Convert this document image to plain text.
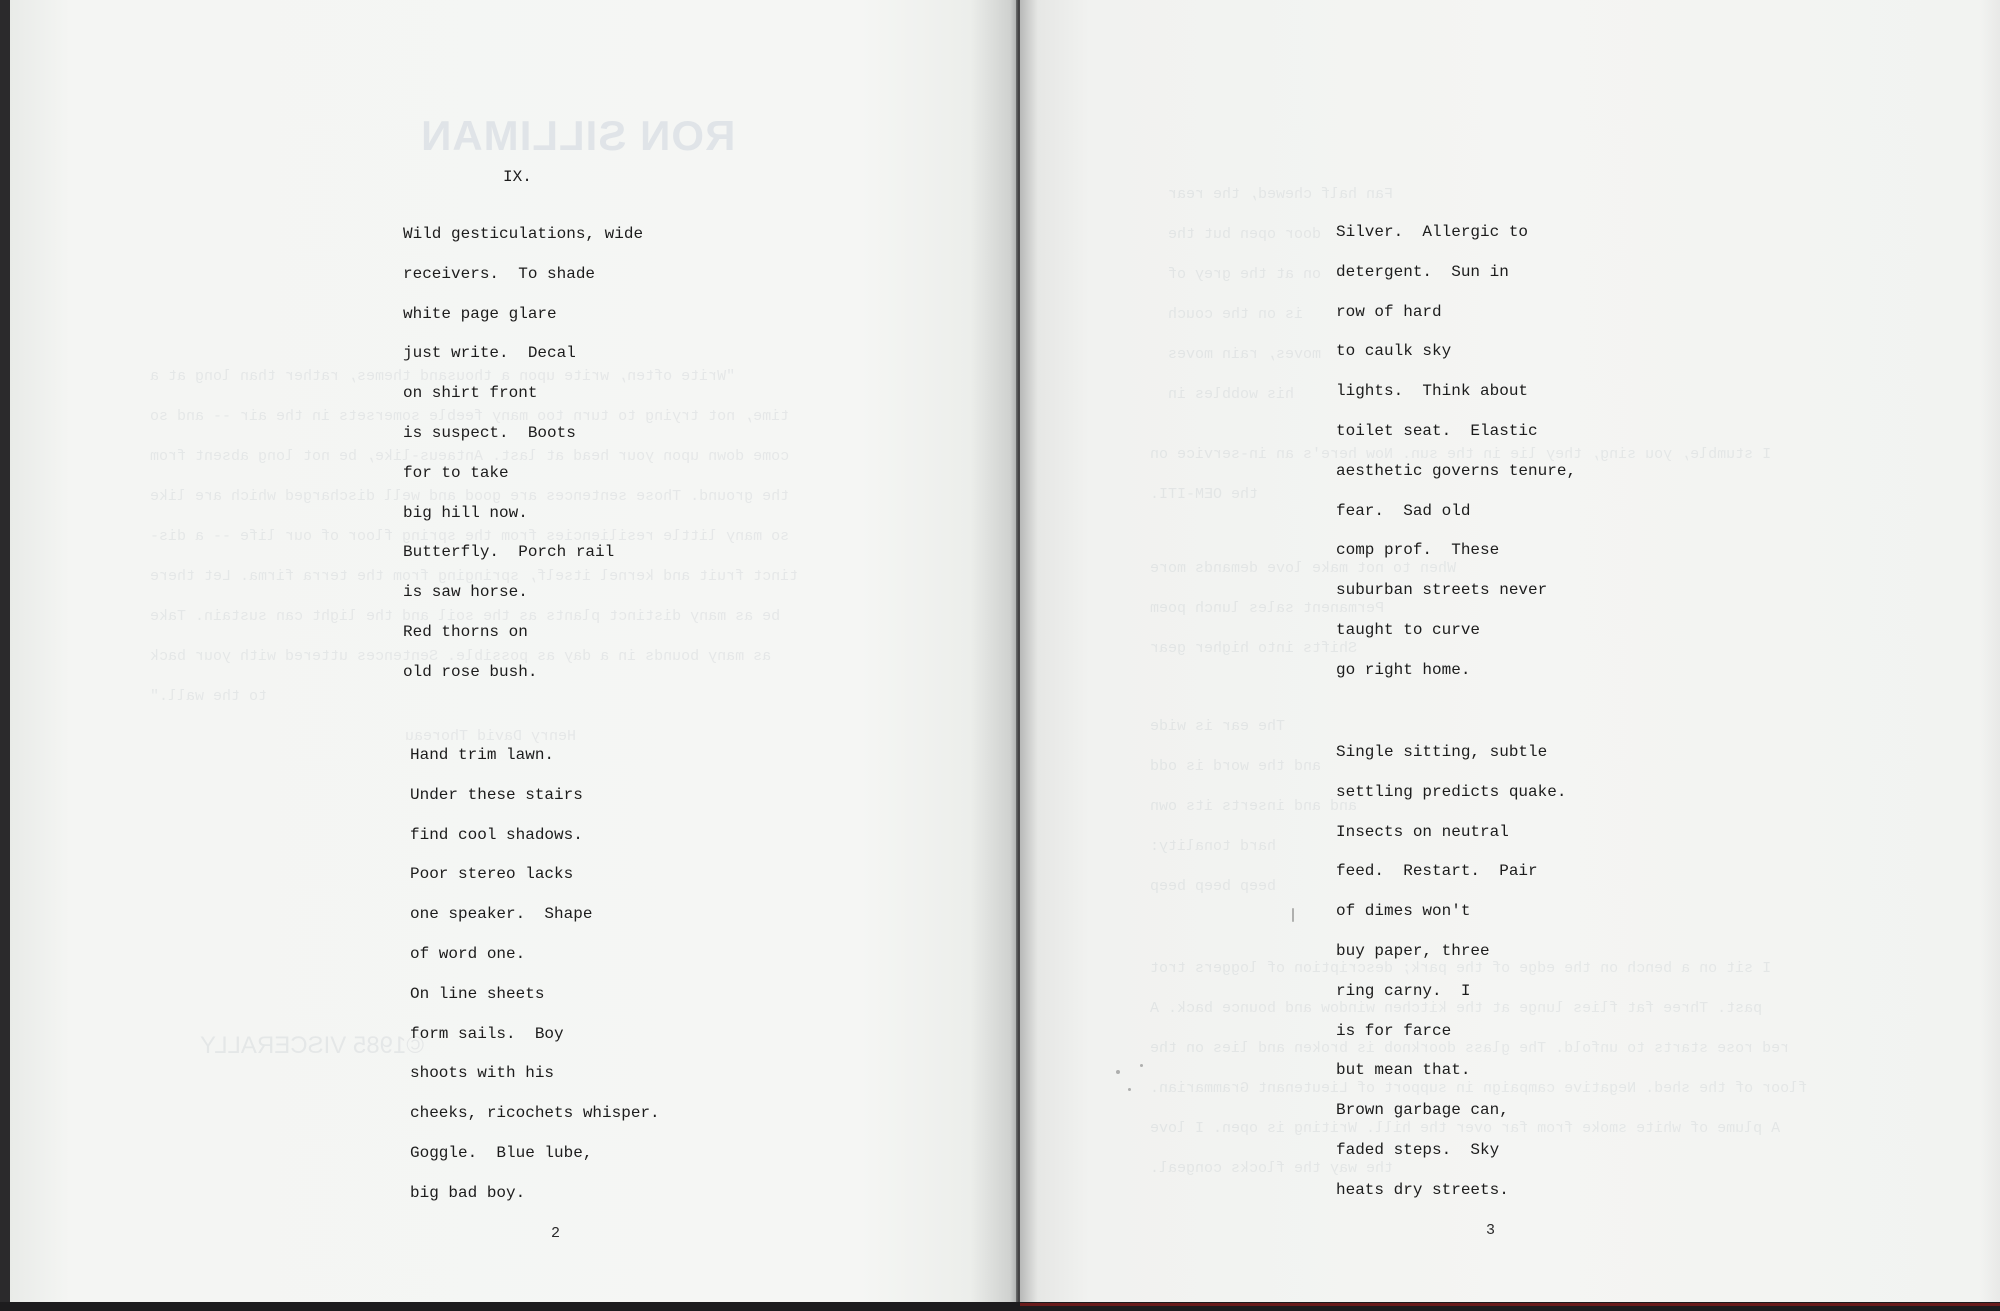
RON SILLIMAN
"Write often, write upon a thousand themes, rather than long at a
time, not trying to turn too many feeble somersets in the air -- and so
come down upon your head at last. Antaeus-like, be not long absent from
the ground. Those sentences are good and well discharged which are like
so many little resiliencies from the spring floor of our life -- a dis-
tinct fruit and kernel itself, springing from the terra firma. Let there
be as many distinct plants as the soil and the light can sustain. Take
as many bounds in a day as possible. Sentences uttered with your back
to the wall."
Henry David Thoreau
©1985 VISCERALLY
IX.
Wild gesticulations, wide
receivers.  To shade
white page glare
just write.  Decal
on shirt front
is suspect.  Boots
for to take
big hill now.
Butterfly.  Porch rail
is saw horse.
Red thorns on
old rose bush.
Hand trim lawn.
Under these stairs
find cool shadows.
Poor stereo lacks
one speaker.  Shape
of word one.
On line sheets
form sails.  Boy
shoots with his
cheeks, ricochets whisper.
Goggle.  Blue lube,
big bad boy.
2
Fan half chewed, the rear
door open but the
on at the grey of
is on the couch
moves, rain moves
his wobbles in
I stumble, you sing, they lie in the sun. Now here's an in-service on
the OEM-ITI.
When to not make love demands more
Permanent sales lunch poem
Shifts into higher gear
The ear is wide
and the word is odd
and and inserts its own
hard tonality:
beep beep beep
I sit on a bench on the edge of the park; description of loggers trot
past. Three fat flies lunge at the kitchen window and bounce back. A
red rose starts to unfold. The glass doorknob is broken and lies on the
floor of the shed. Negative campaign in support of Lieutenant Grammarian.
A plume of white smoke from far over the hill. Writing is open. I love
the way the flocks congeal.
Silver.  Allergic to
detergent.  Sun in
row of hard
to caulk sky
lights.  Think about
toilet seat.  Elastic
aesthetic governs tenure,
fear.  Sad old
comp prof.  These
suburban streets never
taught to curve
go right home.
Single sitting, subtle
settling predicts quake.
Insects on neutral
feed.  Restart.  Pair
of dimes won't
buy paper, three
ring carny.  I
is for farce
but mean that.
Brown garbage can,
faded steps.  Sky
heats dry streets.
3
